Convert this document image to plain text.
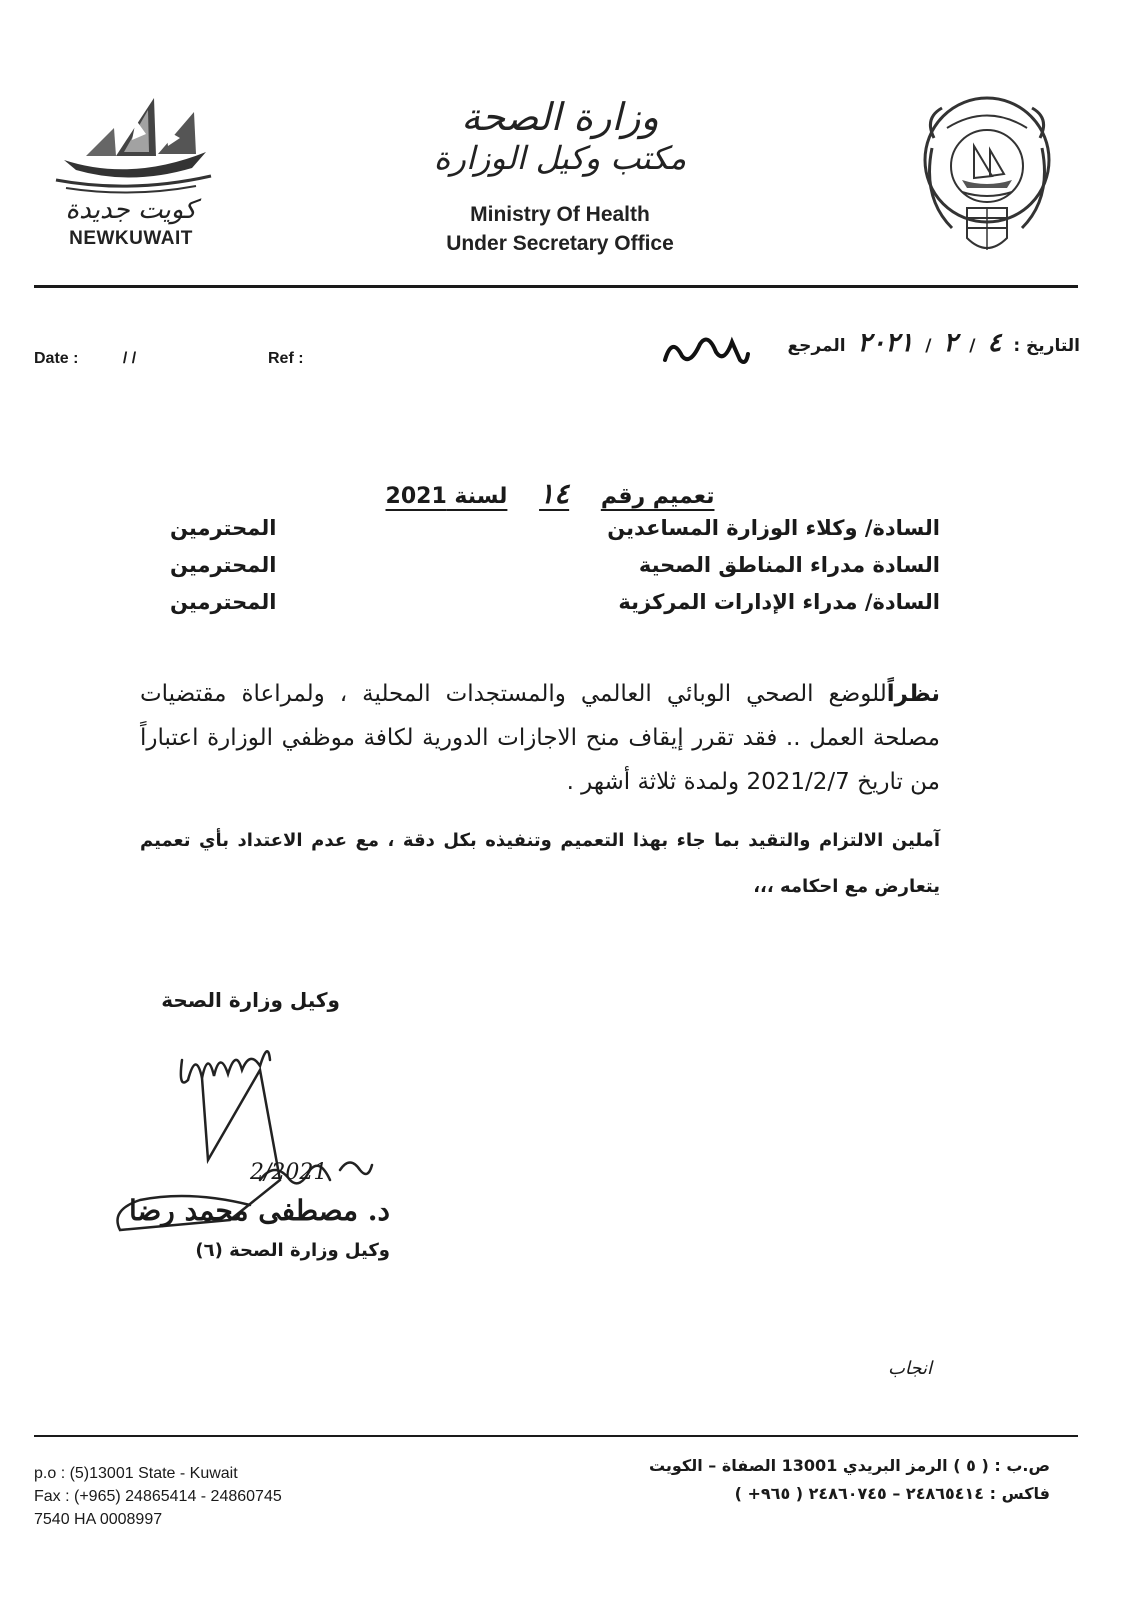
وزارة الصحة
مكتب وكيل الوزارة
Ministry Of Health
Under Secretary Office
كويت جديدة
NEWKUWAIT
Date :	/ /	Ref :
التاريخ : ٤ / ٢ / ٢٠٢١ المرجع
تعميم رقم ١٤ لسنة 2021
السادة/ وكلاء الوزارة المساعدين
المحترمين
السادة مدراء المناطق الصحية
المحترمين
السادة/ مدراء الإدارات المركزية
المحترمين
نظراًللوضع الصحي الوبائي العالمي والمستجدات المحلية ، ولمراعاة مقتضيات مصلحة العمل .. فقد تقرر إيقاف منح الاجازات الدورية لكافة موظفي الوزارة اعتباراً من تاريخ 2021/2/7 ولمدة ثلاثة أشهر .
آملين الالتزام والتقيد بما جاء بهذا التعميم وتنفيذه بكل دقة ، مع عدم الاعتداد بأي تعميم يتعارض مع احكامه ،،،
وكيل وزارة الصحة
د. مصطفى محمد رضا
2/2021
وكيل وزارة الصحة (٦)
انجاب
p.o : (5)13001 State - Kuwait
Fax : (+965) 24865414 - 24860745
7540 HA 0008997
ص.ب : ( ٥ ) الرمز البريدي 13001 الصفاة – الكويت
فاكس : ٢٤٨٦٥٤١٤ – ٢٤٨٦٠٧٤٥ ( ٩٦٥+ )
